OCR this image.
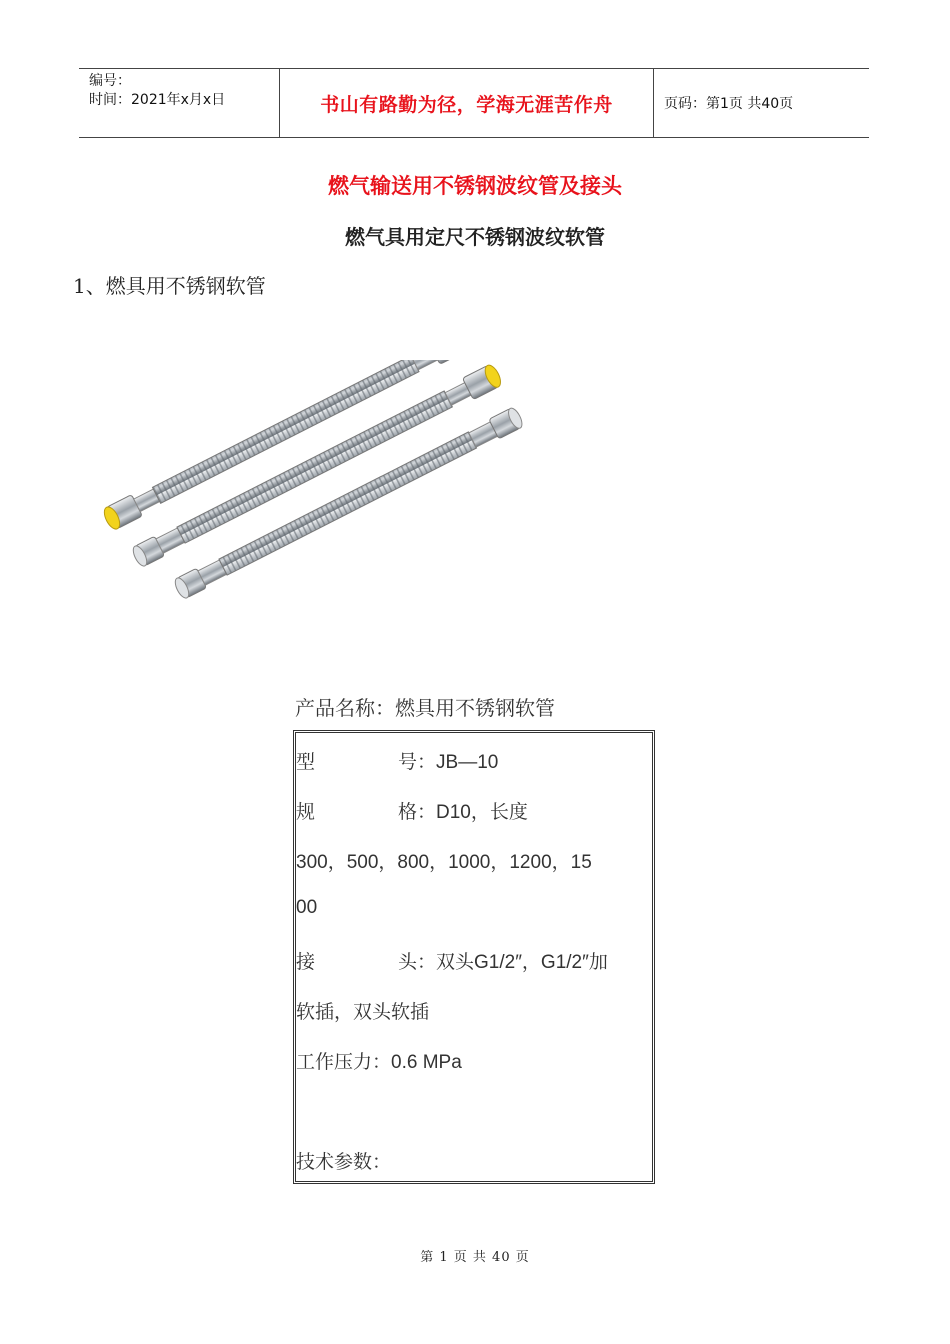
编号：
时间：2021年x月x日	书山有路勤为径，学海无涯苦作舟	页码：第1页 共40页
燃气输送用不锈钢波纹管及接头
燃气具用定尺不锈钢波纹软管
1、燃具用不锈钢软管
产品名称：燃具用不锈钢软管
型	号：JB—10
规	格：D10，长度
300，500，800，1000，1200，15
00
接	头：双头G1/2″，G1/2″加
软插，双头软插
工作压力：0.6 MPa
技术参数：
第 1 页 共 40 页
